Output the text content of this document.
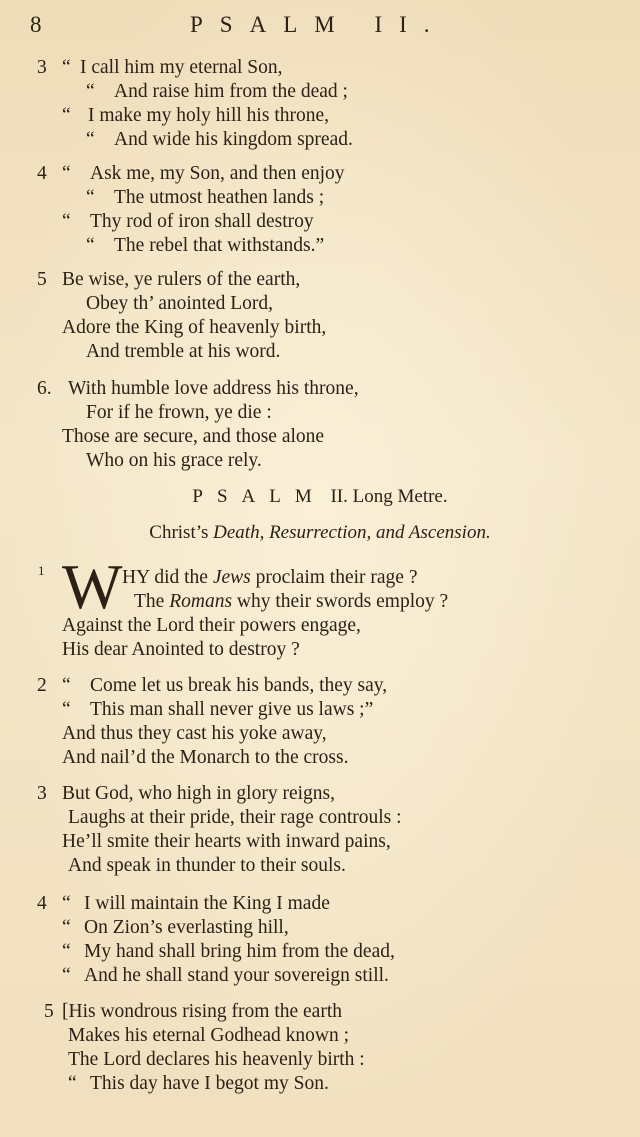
8	PSALM II.
3 “ I call him my eternal Son,
“ And raise him from the dead ;
“ I make my holy hill his throne,
“ And wide his kingdom spread.
4 “ Ask me, my Son, and then enjoy
“ The utmost heathen lands ;
“ Thy rod of iron shall destroy
“ The rebel that withstands.”
5 Be wise, ye rulers of the earth,
Obey th’ anointed Lord,
Adore the King of heavenly birth,
And tremble at his word.
6. With humble love address his throne,
For if he frown, ye die :
Those are secure, and those alone
Who on his grace rely.
PSALM II. Long Metre.
Christ’s Death, Resurrection, and Ascension.
1 W HY did the Jews proclaim their rage ?
The Romans why their swords employ ?
Against the Lord their powers engage,
His dear Anointed to destroy ?
2 “ Come let us break his bands, they say,
“ This man shall never give us laws ;”
And thus they cast his yoke away,
And nail’d the Monarch to the cross.
3 But God, who high in glory reigns,
Laughs at their pride, their rage controuls :
He’ll smite their hearts with inward pains,
And speak in thunder to their souls.
4 “ I will maintain the King I made
“ On Zion’s everlasting hill,
“ My hand shall bring him from the dead,
“ And he shall stand your sovereign still.
5 [His wondrous rising from the earth
Makes his eternal Godhead known ;
The Lord declares his heavenly birth :
“ This day have I begot my Son.
